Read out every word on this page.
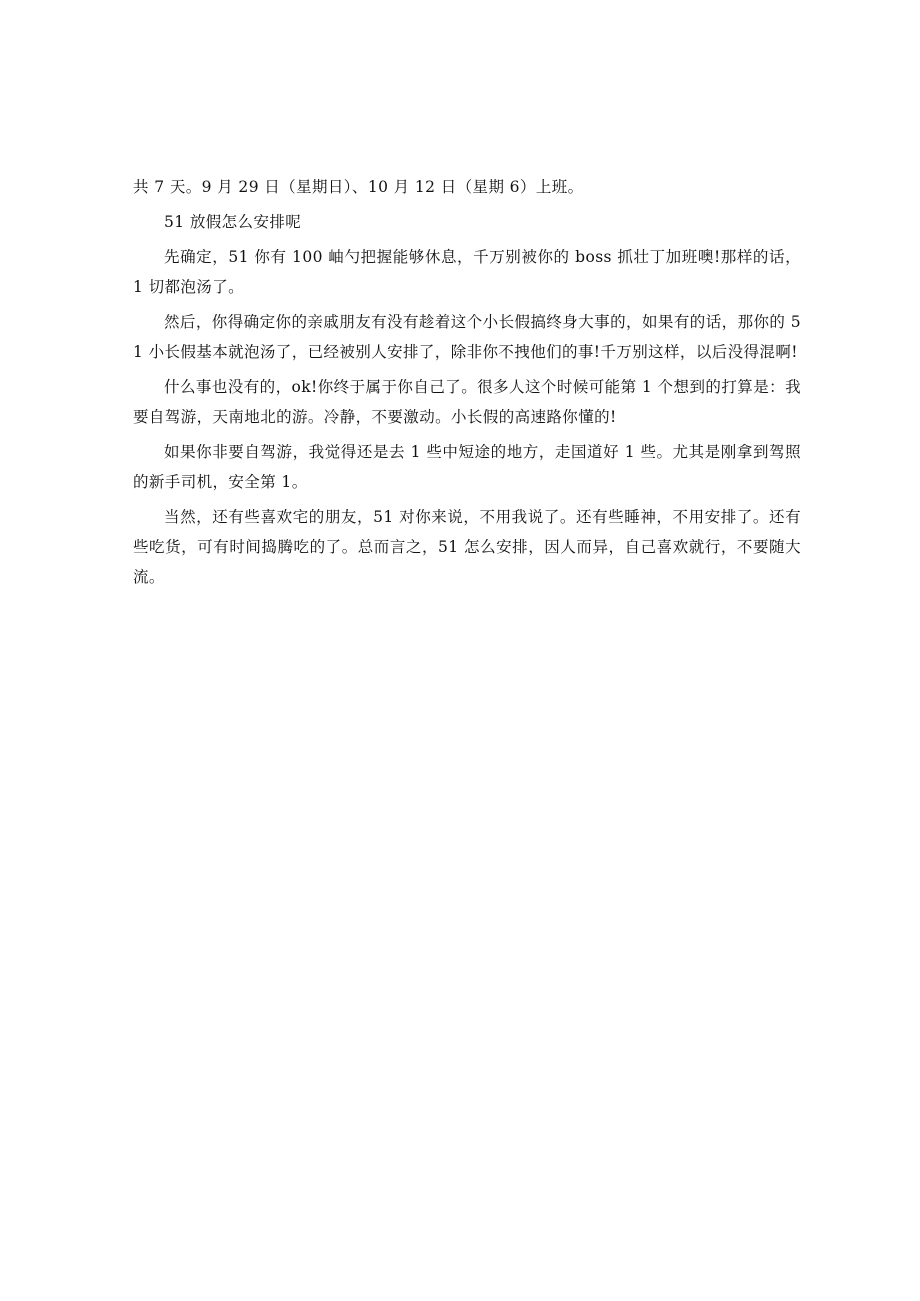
共 7 天。9 月 29 日（星期日）、10 月 12 日（星期 6）上班。

51 放假怎么安排呢

先确定，51 你有 100 岫勺把握能够休息，千万别被你的 boss 抓壮丁加班噢!那样的话，1 切都泡汤了。

然后，你得确定你的亲戚朋友有没有趁着这个小长假搞终身大事的，如果有的话，那你的 51 小长假基本就泡汤了，已经被别人安排了，除非你不拽他们的事!千万别这样，以后没得混啊!

什么事也没有的，ok!你终于属于你自己了。很多人这个时候可能第 1 个想到的打算是：我要自驾游，天南地北的游。冷静，不要激动。小长假的高速路你懂的!

如果你非要自驾游，我觉得还是去 1 些中短途的地方，走国道好 1 些。尤其是刚拿到驾照的新手司机，安全第 1。

当然，还有些喜欢宅的朋友，51 对你来说，不用我说了。还有些睡神，不用安排了。还有些吃货，可有时间捣腾吃的了。总而言之，51 怎么安排，因人而异，自己喜欢就行，不要随大流。
